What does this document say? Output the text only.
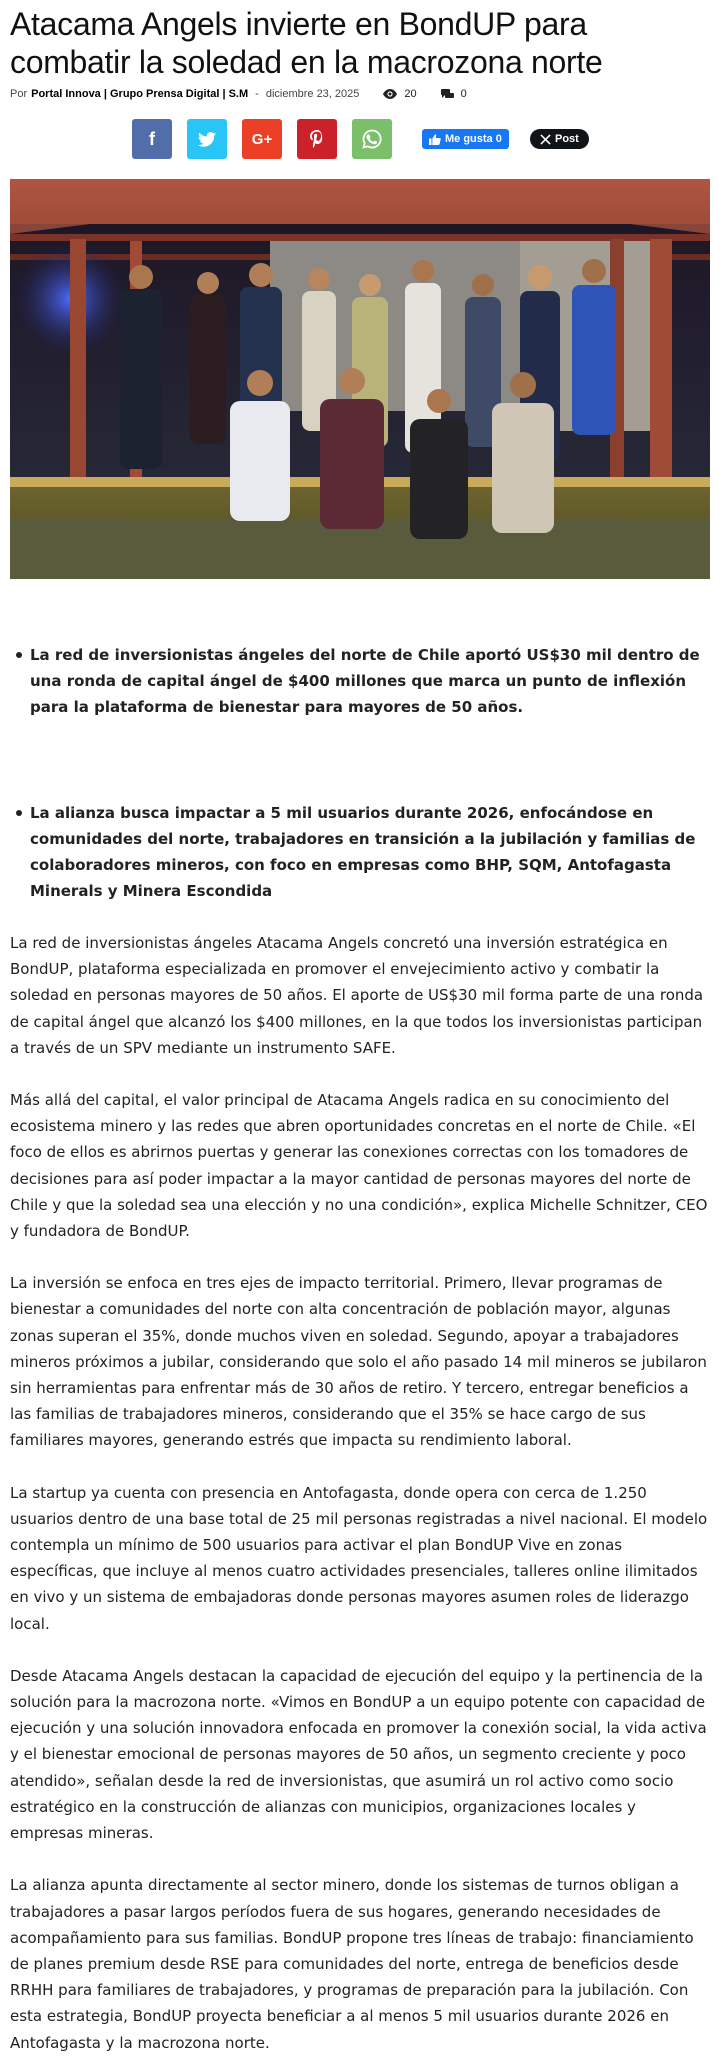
Atacama Angels invierte en BondUP para combatir la soledad en la macrozona norte
Por Portal Innova | Grupo Prensa Digital | S.M - diciembre 23, 2025	20	0
f	G+	Me gusta 0	Post
La red de inversionistas ángeles del norte de Chile aportó US$30 mil dentro de una ronda de capital ángel de $400 millones que marca un punto de inflexión para la plataforma de bienestar para mayores de 50 años.
La alianza busca impactar a 5 mil usuarios durante 2026, enfocándose en comunidades del norte, trabajadores en transición a la jubilación y familias de colaboradores mineros, con foco en empresas como BHP, SQM, Antofagasta Minerals y Minera Escondida

La red de inversionistas ángeles Atacama Angels concretó una inversión estratégica en BondUP, plataforma especializada en promover el envejecimiento activo y combatir la soledad en personas mayores de 50 años. El aporte de US$30 mil forma parte de una ronda de capital ángel que alcanzó los $400 millones, en la que todos los inversionistas participan a través de un SPV mediante un instrumento SAFE.

Más allá del capital, el valor principal de Atacama Angels radica en su conocimiento del ecosistema minero y las redes que abren oportunidades concretas en el norte de Chile. «El foco de ellos es abrirnos puertas y generar las conexiones correctas con los tomadores de decisiones para así poder impactar a la mayor cantidad de personas mayores del norte de Chile y que la soledad sea una elección y no una condición», explica Michelle Schnitzer, CEO y fundadora de BondUP.

La inversión se enfoca en tres ejes de impacto territorial. Primero, llevar programas de bienestar a comunidades del norte con alta concentración de población mayor, algunas zonas superan el 35%, donde muchos viven en soledad. Segundo, apoyar a trabajadores mineros próximos a jubilar, considerando que solo el año pasado 14 mil mineros se jubilaron sin herramientas para enfrentar más de 30 años de retiro. Y tercero, entregar beneficios a las familias de trabajadores mineros, considerando que el 35% se hace cargo de sus familiares mayores, generando estrés que impacta su rendimiento laboral.

La startup ya cuenta con presencia en Antofagasta, donde opera con cerca de 1.250 usuarios dentro de una base total de 25 mil personas registradas a nivel nacional. El modelo contempla un mínimo de 500 usuarios para activar el plan BondUP Vive en zonas específicas, que incluye al menos cuatro actividades presenciales, talleres online ilimitados en vivo y un sistema de embajadoras donde personas mayores asumen roles de liderazgo local.

Desde Atacama Angels destacan la capacidad de ejecución del equipo y la pertinencia de la solución para la macrozona norte. «Vimos en BondUP a un equipo potente con capacidad de ejecución y una solución innovadora enfocada en promover la conexión social, la vida activa y el bienestar emocional de personas mayores de 50 años, un segmento creciente y poco atendido», señalan desde la red de inversionistas, que asumirá un rol activo como socio estratégico en la construcción de alianzas con municipios, organizaciones locales y empresas mineras.

La alianza apunta directamente al sector minero, donde los sistemas de turnos obligan a trabajadores a pasar largos períodos fuera de sus hogares, generando necesidades de acompañamiento para sus familias. BondUP propone tres líneas de trabajo: financiamiento de planes premium desde RSE para comunidades del norte, entrega de beneficios desde RRHH para familiares de trabajadores, y programas de preparación para la jubilación. Con esta estrategia, BondUP proyecta beneficiar a al menos 5 mil usuarios durante 2026 en Antofagasta y la macrozona norte.
